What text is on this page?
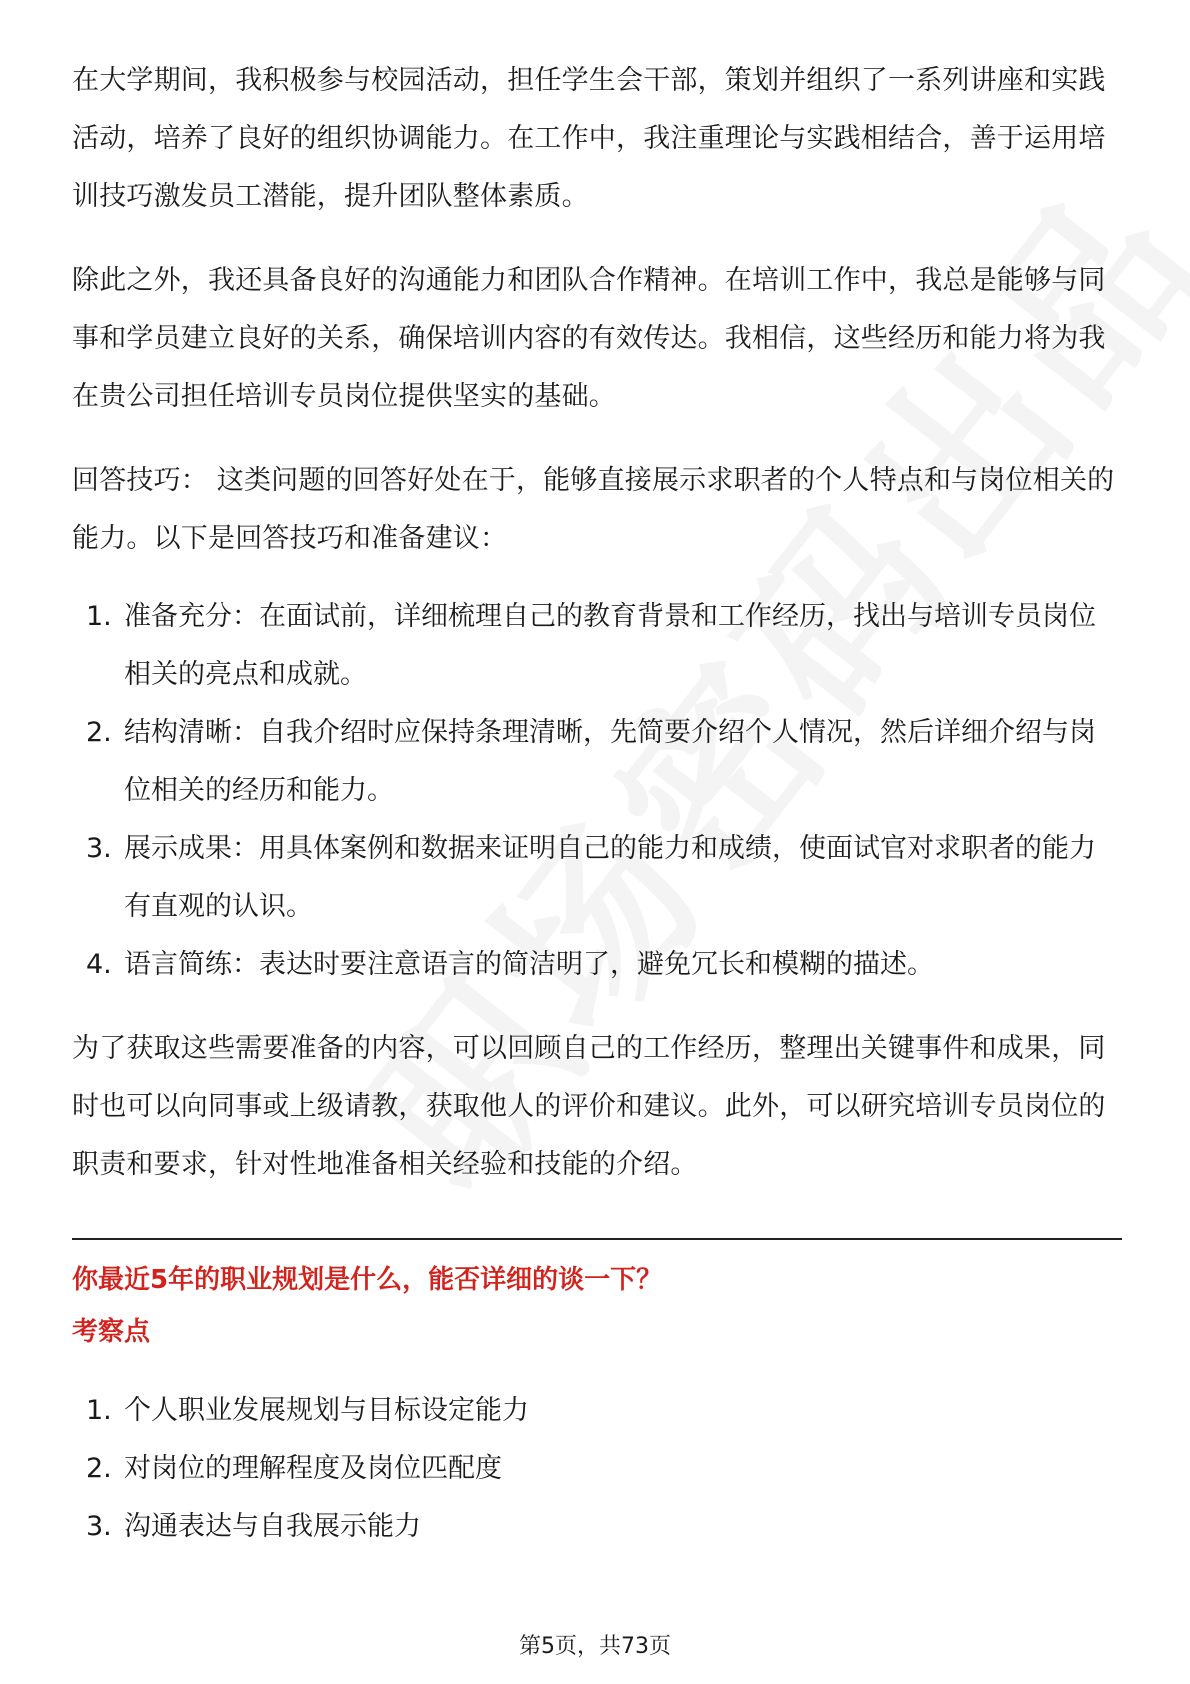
在大学期间，我积极参与校园活动，担任学生会干部，策划并组织了一系列讲座和实践活动，培养了良好的组织协调能力。在工作中，我注重理论与实践相结合，善于运用培训技巧激发员工潜能，提升团队整体素质。

除此之外，我还具备良好的沟通能力和团队合作精神。在培训工作中，我总是能够与同事和学员建立良好的关系，确保培训内容的有效传达。我相信，这些经历和能力将为我在贵公司担任培训专员岗位提供坚实的基础。

回答技巧： 这类问题的回答好处在于，能够直接展示求职者的个人特点和与岗位相关的能力。以下是回答技巧和准备建议：

1. 准备充分：在面试前，详细梳理自己的教育背景和工作经历，找出与培训专员岗位相关的亮点和成就。
2. 结构清晰：自我介绍时应保持条理清晰，先简要介绍个人情况，然后详细介绍与岗位相关的经历和能力。
3. 展示成果：用具体案例和数据来证明自己的能力和成绩，使面试官对求职者的能力有直观的认识。
4. 语言简练：表达时要注意语言的简洁明了，避免冗长和模糊的描述。

为了获取这些需要准备的内容，可以回顾自己的工作经历，整理出关键事件和成果，同时也可以向同事或上级请教，获取他人的评价和建议。此外，可以研究培训专员岗位的职责和要求，针对性地准备相关经验和技能的介绍。

你最近5年的职业规划是什么，能否详细的谈一下？
考察点
1. 个人职业发展规划与目标设定能力
2. 对岗位的理解程度及岗位匹配度
3. 沟通表达与自我展示能力
第5页，共73页
